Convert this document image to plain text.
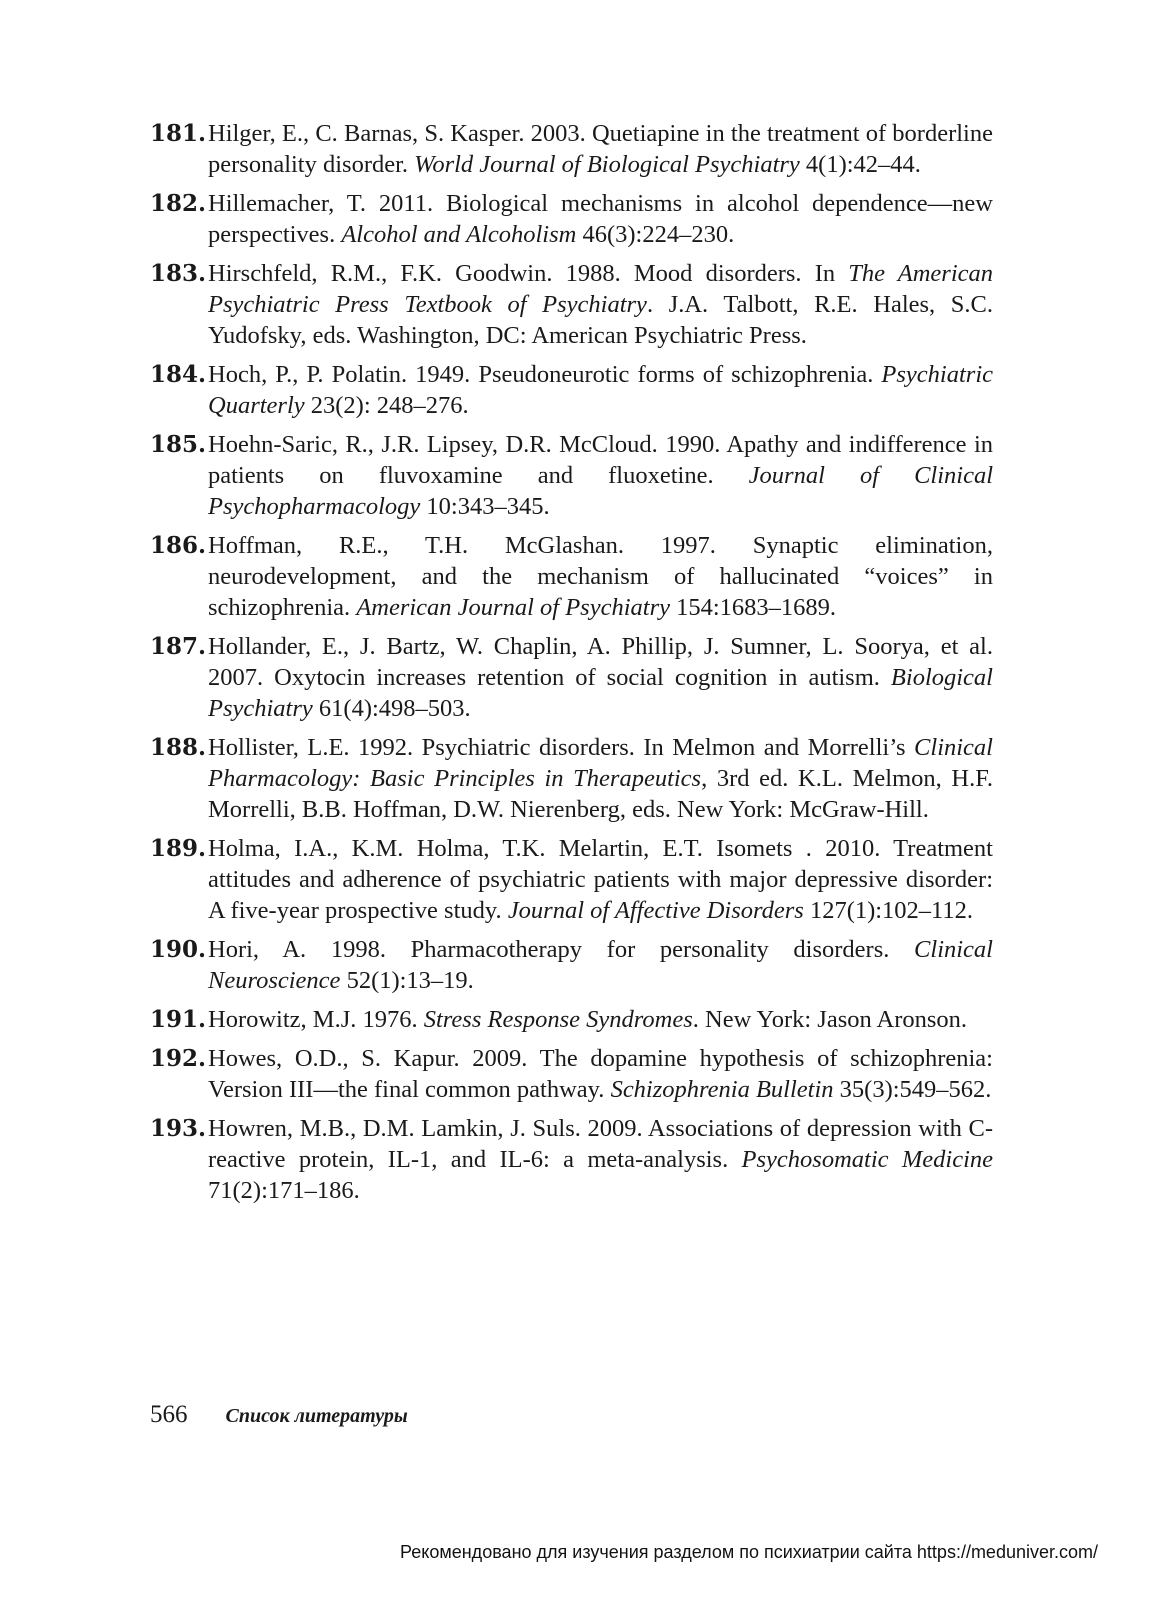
181. Hilger, E., C. Barnas, S. Kasper. 2003. Quetiapine in the treatment of borderline personality disorder. World Journal of Biological Psychiatry 4(1):42–44.
182. Hillemacher, T. 2011. Biological mechanisms in alcohol dependence—new perspectives. Alcohol and Alcoholism 46(3):224–230.
183. Hirschfeld, R.M., F.K. Goodwin. 1988. Mood disorders. In The American Psychiatric Press Textbook of Psychiatry. J.A. Talbott, R.E. Hales, S.C. Yudofsky, eds. Washington, DC: American Psychiatric Press.
184. Hoch, P., P. Polatin. 1949. Pseudoneurotic forms of schizophrenia. Psychiatric Quarterly 23(2): 248–276.
185. Hoehn-Saric, R., J.R. Lipsey, D.R. McCloud. 1990. Apathy and indifference in patients on fluvoxamine and fluoxetine. Journal of Clinical Psychopharmacology 10:343–345.
186. Hoffman, R.E., T.H. McGlashan. 1997. Synaptic elimination, neurodevelopment, and the mechanism of hallucinated “voices” in schizophrenia. American Journal of Psychiatry 154:1683–1689.
187. Hollander, E., J. Bartz, W. Chaplin, A. Phillip, J. Sumner, L. Soorya, et al. 2007. Oxytocin increases retention of social cognition in autism. Biological Psychiatry 61(4):498–503.
188. Hollister, L.E. 1992. Psychiatric disorders. In Melmon and Morrelli’s Clinical Pharmacology: Basic Principles in Therapeutics, 3rd ed. K.L. Melmon, H.F. Morrelli, B.B. Hoffman, D.W. Nierenberg, eds. New York: McGraw-Hill.
189. Holma, I.A., K.M. Holma, T.K. Melartin, E.T. Isomets . 2010. Treatment attitudes and adherence of psychiatric patients with major depressive disorder: A five-year prospective study. Journal of Affective Disorders 127(1):102–112.
190. Hori, A. 1998. Pharmacotherapy for personality disorders. Clinical Neuroscience 52(1):13–19.
191. Horowitz, M.J. 1976. Stress Response Syndromes. New York: Jason Aronson.
192. Howes, O.D., S. Kapur. 2009. The dopamine hypothesis of schizophrenia: Version III—the final common pathway. Schizophrenia Bulletin 35(3):549–562.
193. Howren, M.B., D.M. Lamkin, J. Suls. 2009. Associations of depression with C-reactive protein, IL-1, and IL-6: a meta-analysis. Psychosomatic Medicine 71(2):171–186.
566 Список литературы
Рекомендовано для изучения разделом по психиатрии сайта https://meduniver.com/
